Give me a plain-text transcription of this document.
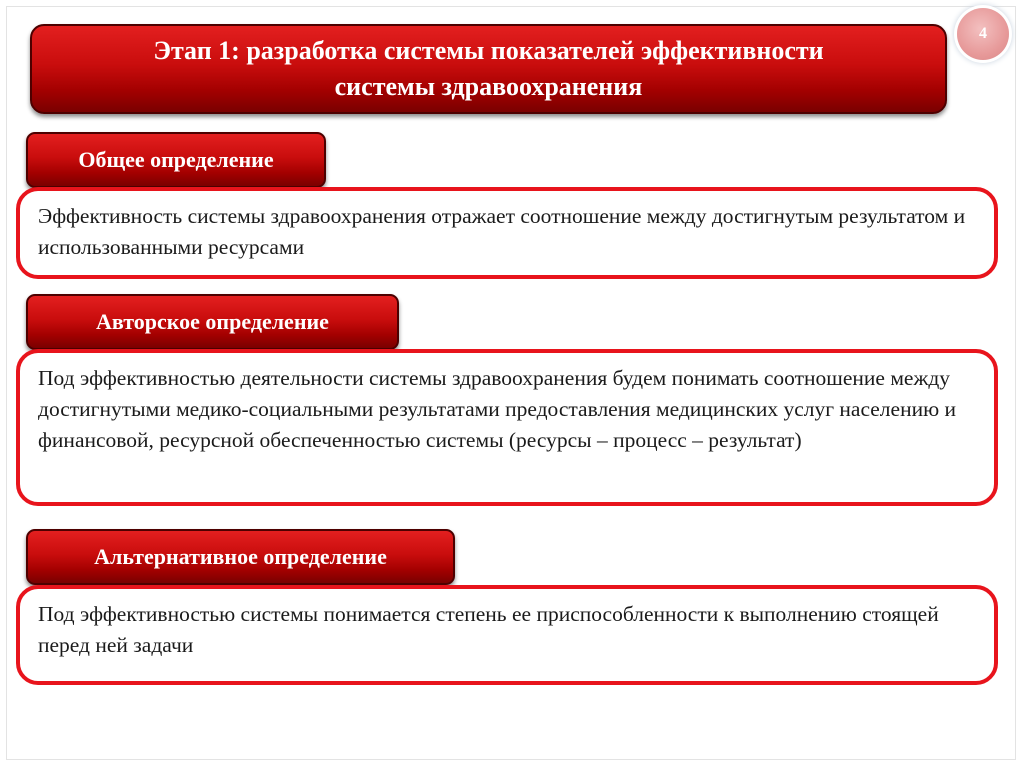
4
Этап 1: разработка системы показателей эффективности
системы здравоохранения
Общее определение

Эффективность системы здравоохранения отражает соотношение между достигнутым результатом и использованными ресурсами

Авторское определение

Под эффективностью деятельности системы здравоохранения будем понимать соотношение между достигнутыми медико-социальными результатами предоставления медицинских услуг населению и финансовой, ресурсной обеспеченностью системы (ресурсы – процесс – результат)

Альтернативное определение

Под эффективностью системы понимается степень ее приспособленности к выполнению стоящей перед ней задачи
